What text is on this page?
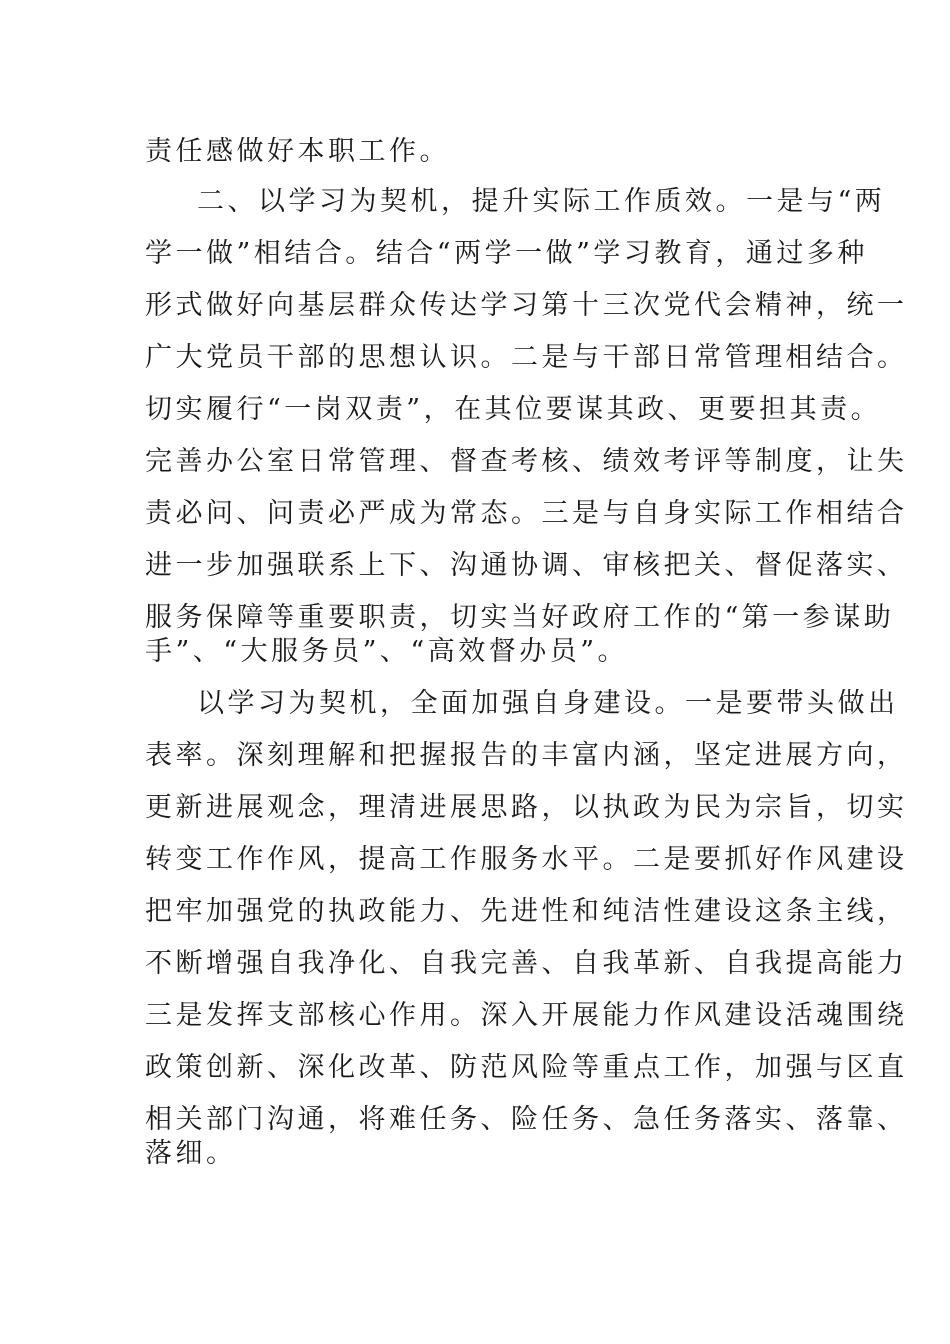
责任感做好本职工作。

二、以学习为契机，提升实际工作质效。一是与“两

学一做”相结合。结合“两学一做”学习教育，通过多种

形式做好向基层群众传达学习第十三次党代会精神，统一

广大党员干部的思想认识。二是与干部日常管理相结合。

切实履行“一岗双责”，在其位要谋其政、更要担其责。

完善办公室日常管理、督查考核、绩效考评等制度，让失

责必问、问责必严成为常态。三是与自身实际工作相结合

进一步加强联系上下、沟通协调、审核把关、督促落实、

服务保障等重要职责，切实当好政府工作的“第一参谋助

手”、“大服务员”、“高效督办员”。

以学习为契机，全面加强自身建设。一是要带头做出

表率。深刻理解和把握报告的丰富内涵，坚定进展方向，

更新进展观念，理清进展思路，以执政为民为宗旨，切实

转变工作作风，提高工作服务水平。二是要抓好作风建设

把牢加强党的执政能力、先进性和纯洁性建设这条主线，

不断增强自我净化、自我完善、自我革新、自我提高能力

三是发挥支部核心作用。深入开展能力作风建设活魂围绕

政策创新、深化改革、防范风险等重点工作，加强与区直

相关部门沟通，将难任务、险任务、急任务落实、落靠、

落细。
